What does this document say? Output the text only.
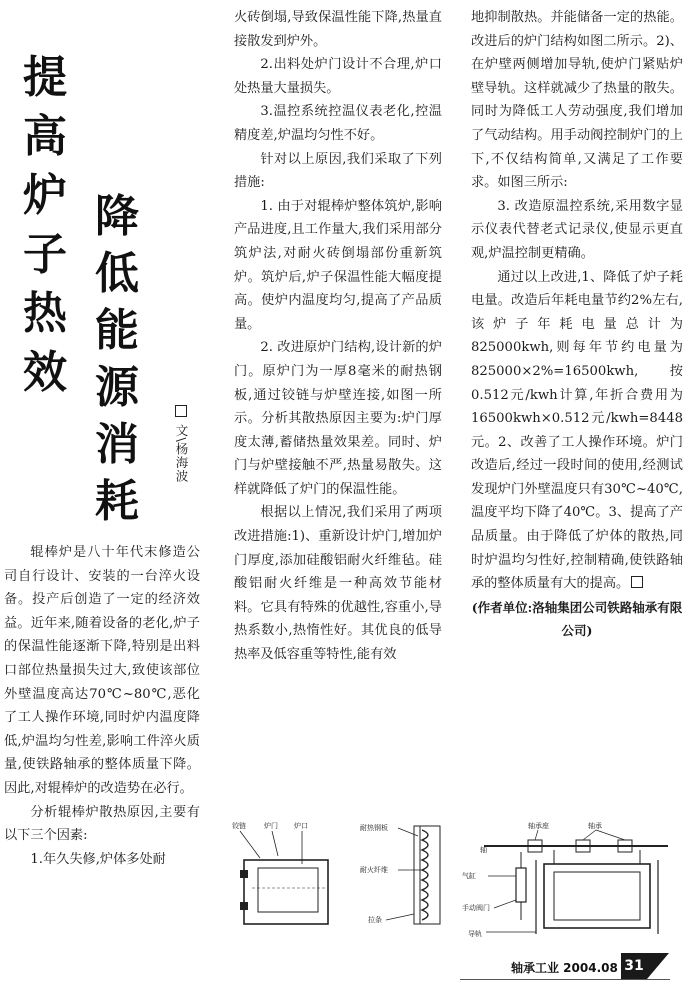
提
高
炉
子
热
效
降
低
能
源
消
耗
文\杨海波

辊棒炉是八十年代末修造公司自行设计、安装的一台淬火设备。投产后创造了一定的经济效益。近年来,随着设备的老化,炉子的保温性能逐渐下降,特别是出料口部位热量损失过大,致使该部位外壁温度高达70℃~80℃,恶化了工人操作环境,同时炉内温度降低,炉温均匀性差,影响工件淬火质量,使铁路轴承的整体质量下降。因此,对辊棒炉的改造势在必行。

分析辊棒炉散热原因,主要有以下三个因素:

1.年久失修,炉体多处耐

火砖倒塌,导致保温性能下降,热量直接散发到炉外。

2.出料处炉门设计不合理,炉口处热量大量损失。

3.温控系统控温仪表老化,控温精度差,炉温均匀性不好。

针对以上原因,我们采取了下列措施:

1. 由于对辊棒炉整体筑炉,影响产品进度,且工作量大,我们采用部分筑炉法,对耐火砖倒塌部份重新筑炉。筑炉后,炉子保温性能大幅度提高。使炉内温度均匀,提高了产品质量。

2. 改进原炉门结构,设计新的炉门。原炉门为一厚8毫米的耐热钢板,通过铰链与炉壁连接,如图一所示。分析其散热原因主要为:炉门厚度太薄,蓄储热量效果差。同时、炉门与炉壁接触不严,热量易散失。这样就降低了炉门的保温性能。

根据以上情况,我们采用了两项改进措施:1)、重新设计炉门,增加炉门厚度,添加硅酸铝耐火纤维毡。硅酸铝耐火纤维是一种高效节能材料。它具有特殊的优越性,容重小,导热系数小,热惰性好。其优良的低导热率及低容重等特性,能有效

地抑制散热。并能储备一定的热能。改进后的炉门结构如图二所示。2)、在炉壁两侧增加导轨,使炉门紧贴炉壁导轨。这样就减少了热量的散失。同时为降低工人劳动强度,我们增加了气动结构。用手动阀控制炉门的上下,不仅结构简单,又满足了工作要求。如图三所示:

3. 改造原温控系统,采用数字显示仪表代替老式记录仪,使显示更直观,炉温控制更精确。

通过以上改进,1、降低了炉子耗电量。改造后年耗电量节约2%左右,该炉子年耗电量总计为825000kwh,则每年节约电量为825000×2%=16500kwh,按0.512元/kwh计算,年折合费用为16500kwh×0.512元/kwh=8448元。2、改善了工人操作环境。炉门改造后,经过一段时间的使用,经测试发现炉门外壁温度只有30℃~40℃,温度平均下降了40℃。3、提高了产品质量。由于降低了炉体的散热,同时炉温均匀性好,控制精确,使铁路轴承的整体质量有大的提高。

(作者单位:洛轴集团公司铁路轴承有限公司)

铰链	炉门 炉口	耐热钢板
耐火纤维
拉条
轴承座	轴承
轴
气缸
手动阀门
导轨
轴承工业 2004.08 31
